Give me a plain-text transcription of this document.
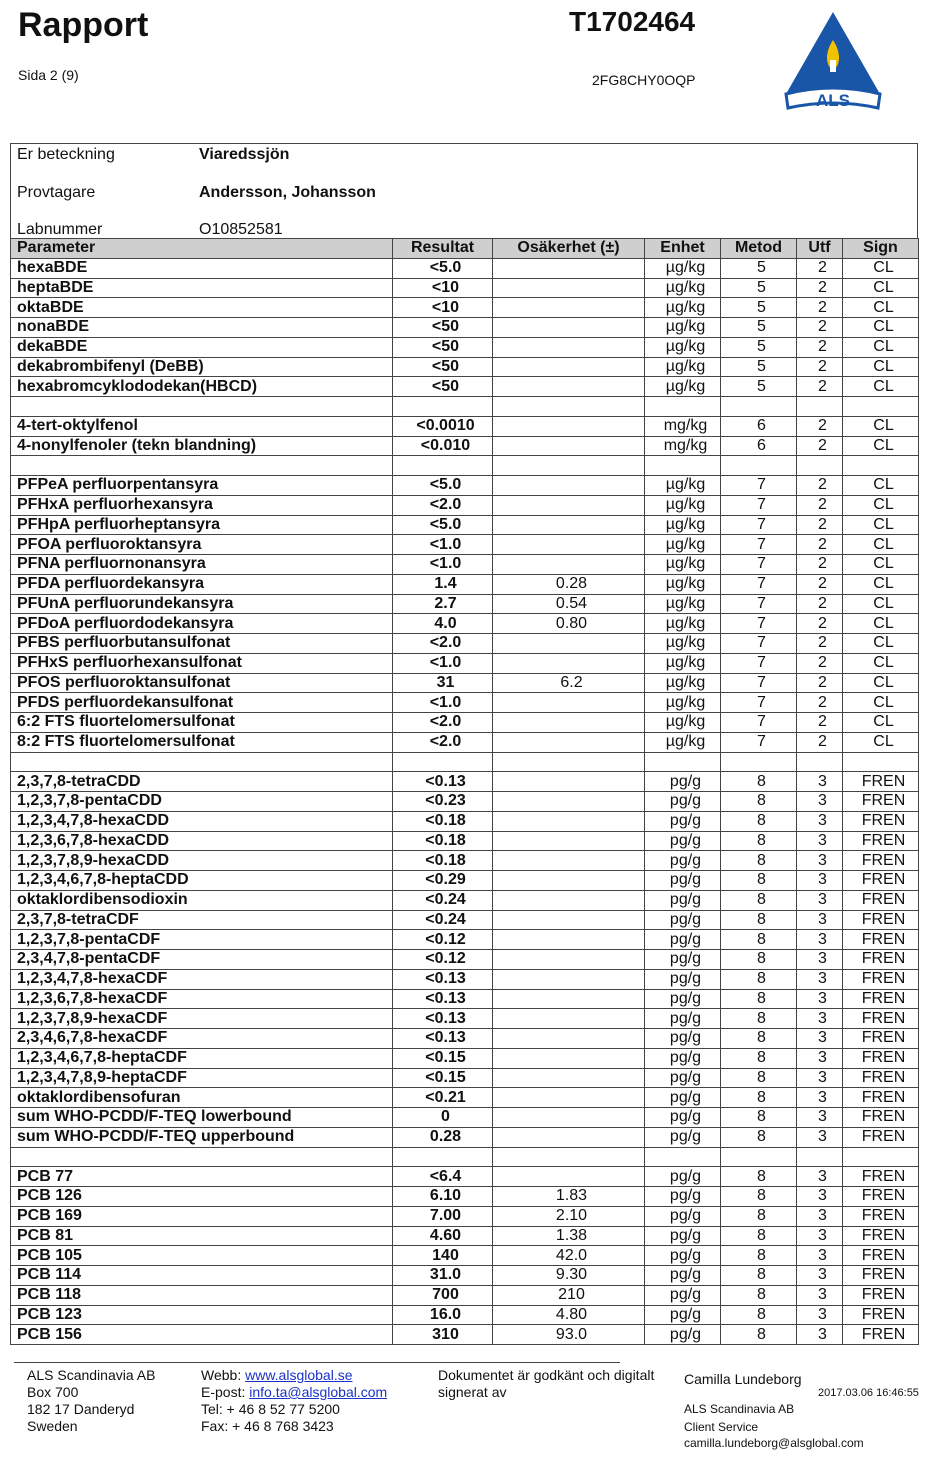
Rapport
Sida 2 (9)
T1702464
2FG8CHY0OQP
ALS
Er beteckning	Viaredssjön
Provtagare	Andersson, Johansson
Labnummer	O10852581
Parameter	Resultat	Osäkerhet (±)	Enhet	Metod	Utf	Sign
hexaBDE	<5.0		µg/kg	5	2	CL
heptaBDE	<10		µg/kg	5	2	CL
oktaBDE	<10		µg/kg	5	2	CL
nonaBDE	<50		µg/kg	5	2	CL
dekaBDE	<50		µg/kg	5	2	CL
dekabrombifenyl (DeBB)	<50		µg/kg	5	2	CL
hexabromcyklododekan(HBCD)	<50		µg/kg	5	2	CL

4-tert-oktylfenol	<0.0010		mg/kg	6	2	CL
4-nonylfenoler (tekn blandning)	<0.010		mg/kg	6	2	CL

PFPeA perfluorpentansyra	<5.0		µg/kg	7	2	CL
PFHxA perfluorhexansyra	<2.0		µg/kg	7	2	CL
PFHpA perfluorheptansyra	<5.0		µg/kg	7	2	CL
PFOA perfluoroktansyra	<1.0		µg/kg	7	2	CL
PFNA perfluornonansyra	<1.0		µg/kg	7	2	CL
PFDA perfluordekansyra	1.4	0.28	µg/kg	7	2	CL
PFUnA perfluorundekansyra	2.7	0.54	µg/kg	7	2	CL
PFDoA perfluordodekansyra	4.0	0.80	µg/kg	7	2	CL
PFBS perfluorbutansulfonat	<2.0		µg/kg	7	2	CL
PFHxS perfluorhexansulfonat	<1.0		µg/kg	7	2	CL
PFOS perfluoroktansulfonat	31	6.2	µg/kg	7	2	CL
PFDS perfluordekansulfonat	<1.0		µg/kg	7	2	CL
6:2 FTS fluortelomersulfonat	<2.0		µg/kg	7	2	CL
8:2 FTS fluortelomersulfonat	<2.0		µg/kg	7	2	CL

2,3,7,8-tetraCDD	<0.13		pg/g	8	3	FREN
1,2,3,7,8-pentaCDD	<0.23		pg/g	8	3	FREN
1,2,3,4,7,8-hexaCDD	<0.18		pg/g	8	3	FREN
1,2,3,6,7,8-hexaCDD	<0.18		pg/g	8	3	FREN
1,2,3,7,8,9-hexaCDD	<0.18		pg/g	8	3	FREN
1,2,3,4,6,7,8-heptaCDD	<0.29		pg/g	8	3	FREN
oktaklordibensodioxin	<0.24		pg/g	8	3	FREN
2,3,7,8-tetraCDF	<0.24		pg/g	8	3	FREN
1,2,3,7,8-pentaCDF	<0.12		pg/g	8	3	FREN
2,3,4,7,8-pentaCDF	<0.12		pg/g	8	3	FREN
1,2,3,4,7,8-hexaCDF	<0.13		pg/g	8	3	FREN
1,2,3,6,7,8-hexaCDF	<0.13		pg/g	8	3	FREN
1,2,3,7,8,9-hexaCDF	<0.13		pg/g	8	3	FREN
2,3,4,6,7,8-hexaCDF	<0.13		pg/g	8	3	FREN
1,2,3,4,6,7,8-heptaCDF	<0.15		pg/g	8	3	FREN
1,2,3,4,7,8,9-heptaCDF	<0.15		pg/g	8	3	FREN
oktaklordibensofuran	<0.21		pg/g	8	3	FREN
sum WHO-PCDD/F-TEQ lowerbound	0		pg/g	8	3	FREN
sum WHO-PCDD/F-TEQ upperbound	0.28		pg/g	8	3	FREN

PCB 77	<6.4		pg/g	8	3	FREN
PCB 126	6.10	1.83	pg/g	8	3	FREN
PCB 169	7.00	2.10	pg/g	8	3	FREN
PCB 81	4.60	1.38	pg/g	8	3	FREN
PCB 105	140	42.0	pg/g	8	3	FREN
PCB 114	31.0	9.30	pg/g	8	3	FREN
PCB 118	700	210	pg/g	8	3	FREN
PCB 123	16.0	4.80	pg/g	8	3	FREN
PCB 156	310	93.0	pg/g	8	3	FREN
ALS Scandinavia AB
Box 700
182 17 Danderyd
Sweden
Webb: www.alsglobal.se
E-post: info.ta@alsglobal.com
Tel: + 46 8 52 77 5200
Fax: + 46 8 768 3423
Dokumentet är godkänt och digitalt
signerat av
Camilla Lundeborg
2017.03.06 16:46:55
ALS Scandinavia AB
Client Service
camilla.lundeborg@alsglobal.com
